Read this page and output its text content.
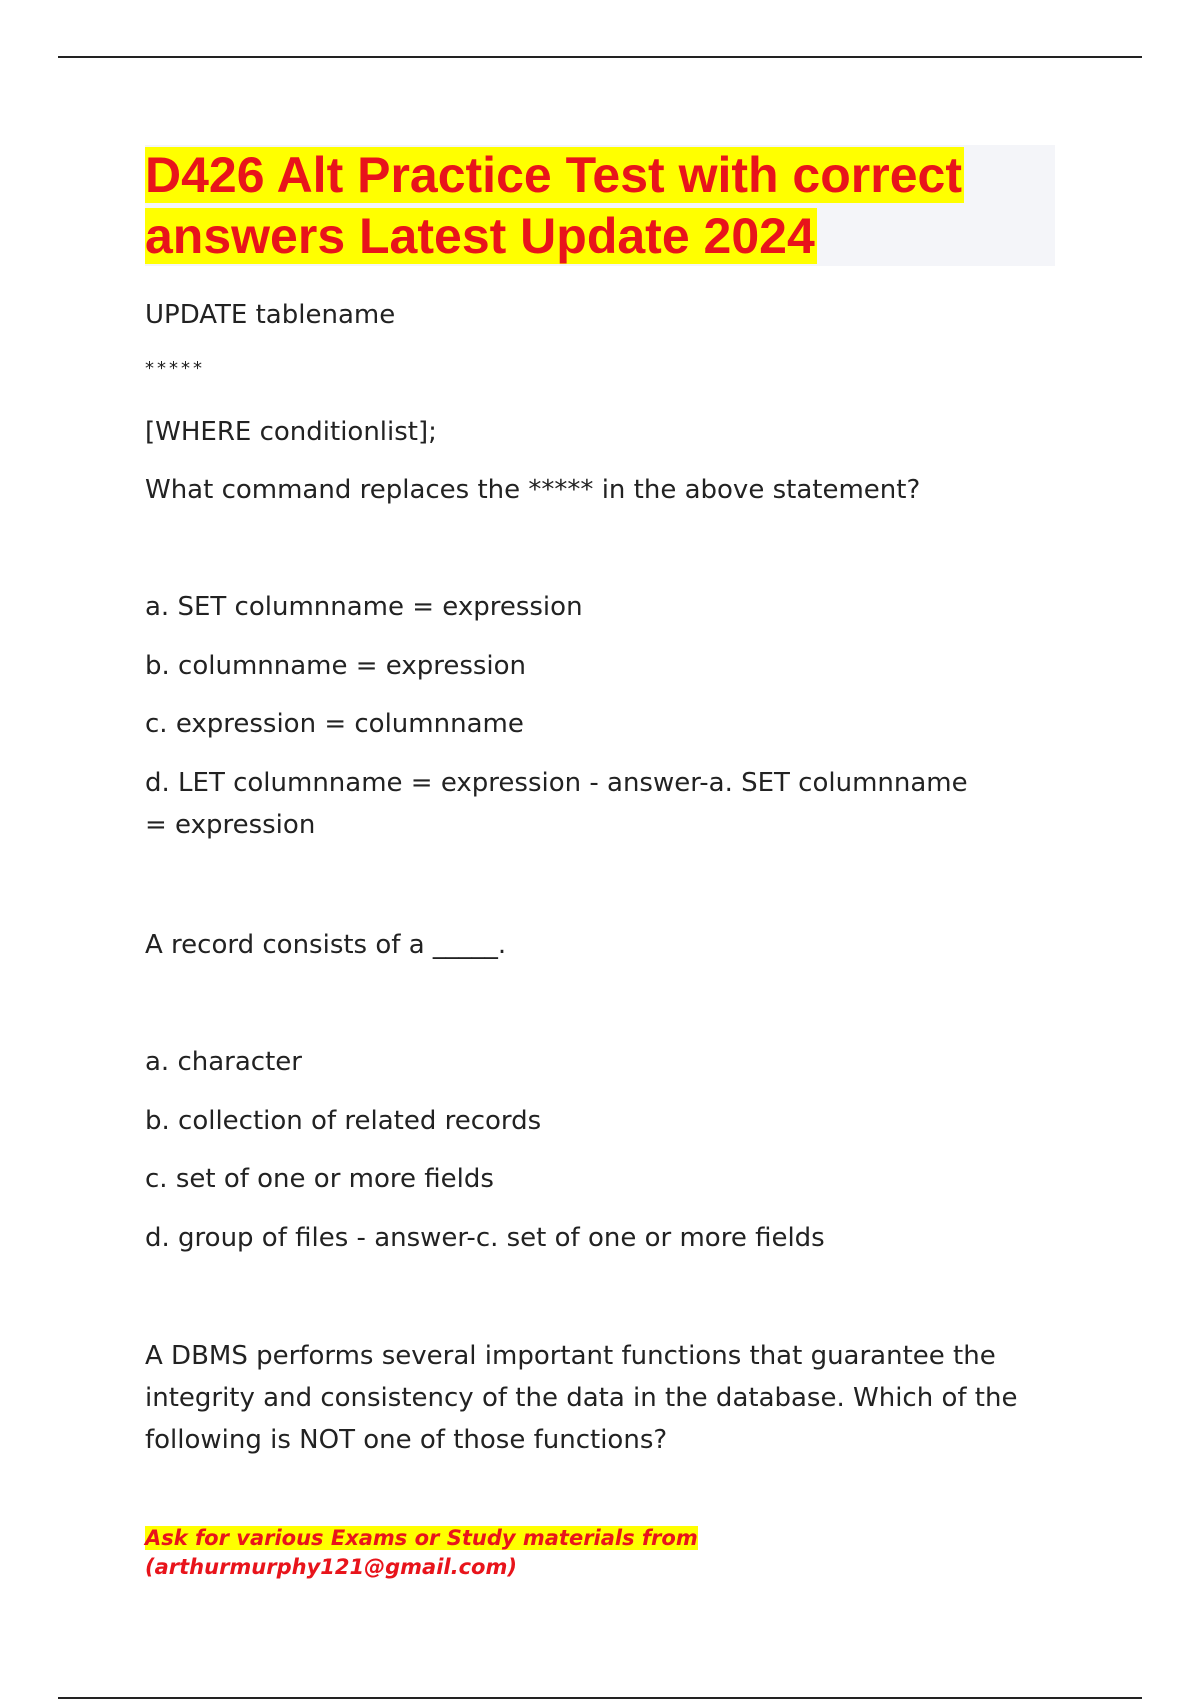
D426 Alt Practice Test with correct
answers Latest Update 2024
UPDATE tablename
*****
[WHERE conditionlist];
What command replaces the ***** in the above statement?
a. SET columnname = expression
b. columnname = expression
c. expression = columnname
d. LET columnname = expression - answer-a. SET columnname = expression
A record consists of a _____.
a. character
b. collection of related records
c. set of one or more fields
d. group of files - answer-c. set of one or more fields
A DBMS performs several important functions that guarantee the integrity and consistency of the data in the database. Which of the following is NOT one of those functions?
Ask for various Exams or Study materials from
(arthurmurphy121@gmail.com)
